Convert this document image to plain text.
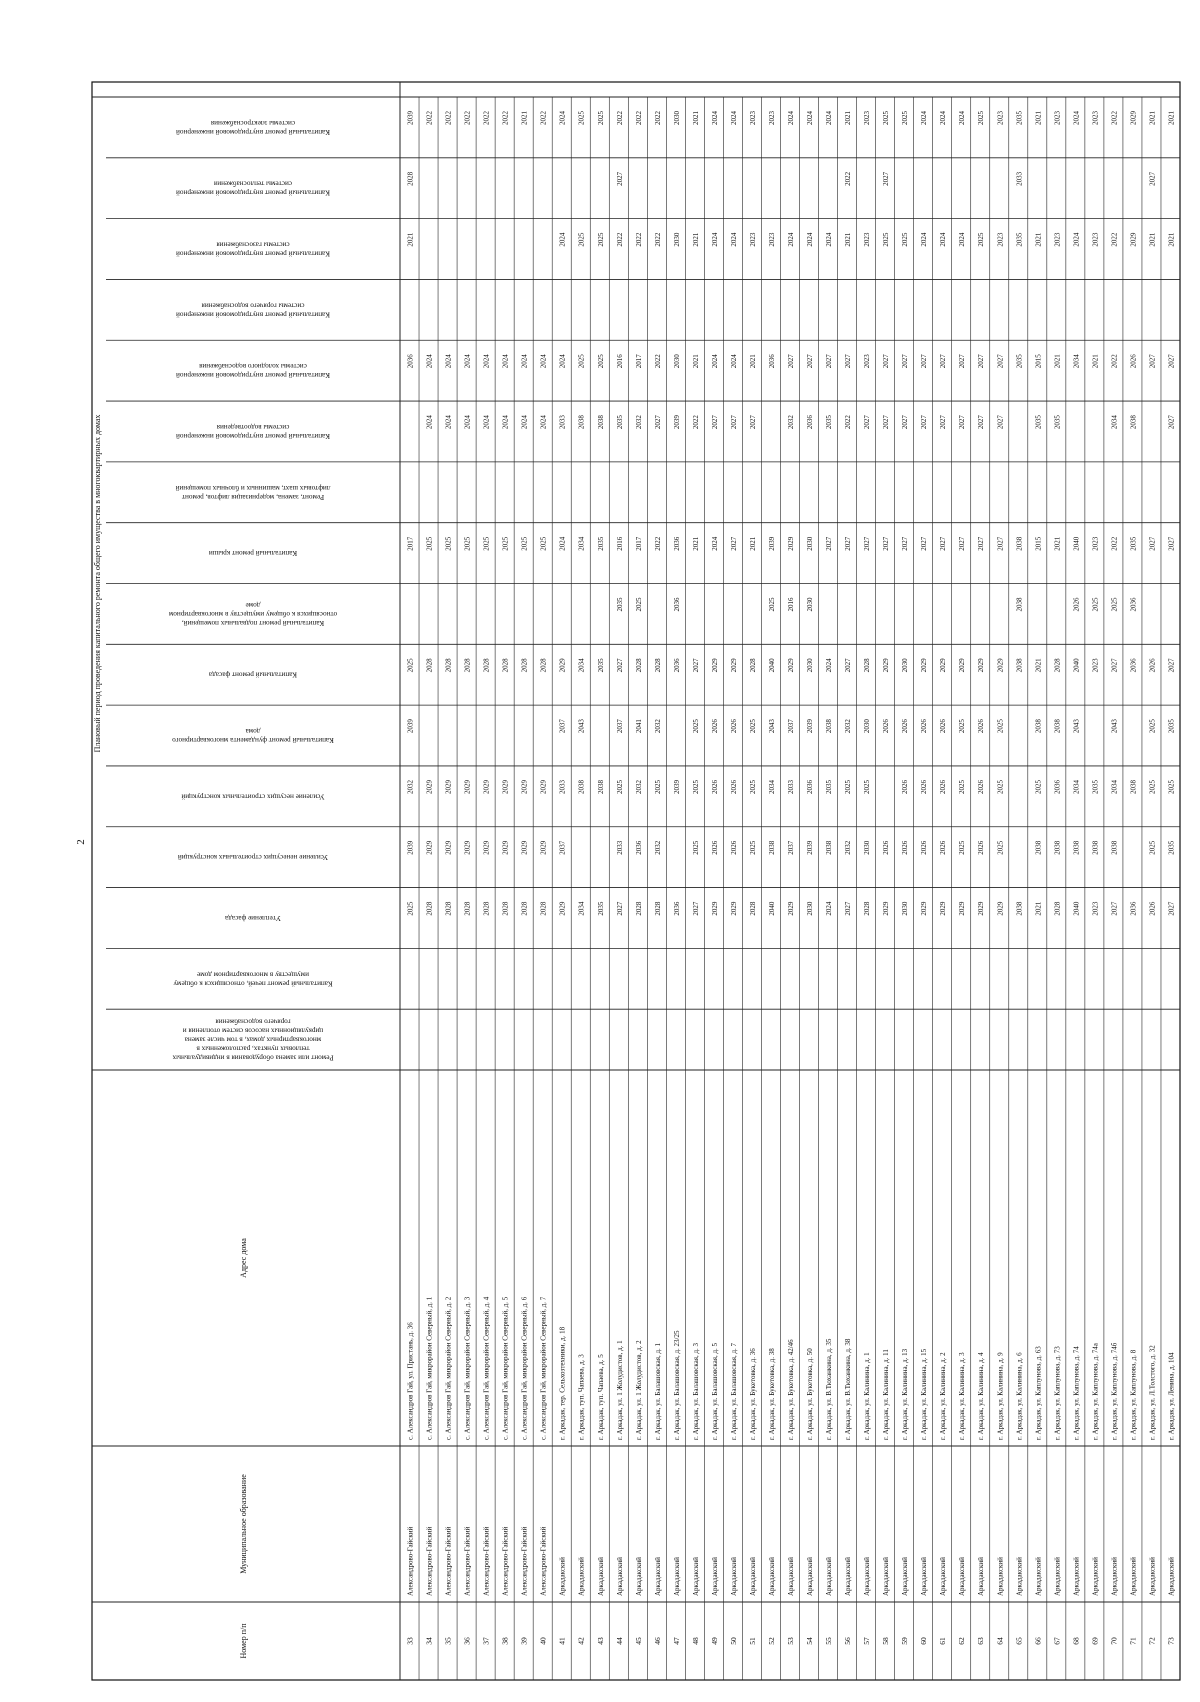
2
Плановый период проведения капитального ремонта общего имущества в многоквартирных домах
Капитальный ремонт внутридомовой инженернойсистемы электроснабжения
Капитальный ремонт внутридомовой инженернойсистемы теплоснабжения
Капитальный ремонт внутридомовой инженернойсистемы газоснабжения
Капитальный ремонт внутридомовой инженернойсистемы горячего водоснабжения
Капитальный ремонт внутридомовой инженернойсистемы холодного водоснабжения
Капитальный ремонт внутридомовой инженернойсистемы водоотведения
Ремонт, замена, модернизация лифтов, ремонтлифтовых шахт, машинных и блочных помещений
Капитальный ремонт крыши
Капитальный ремонт подвальных помещений,относящихся к общему имуществу в многоквартирномдоме
Капитальный ремонт фасада
Капитальный ремонт фундамента многоквартирногодома
Усиление несущих строительных конструкций
Усиление ненесущих строительных конструкций
Утепление фасада
Капитальный ремонт печей, относящихся к общемуимуществу в многоквартирном доме
Ремонт или замена оборудования в индивидуальныхтепловых пунктах, расположенных вмногоквартирных домах, в том числе заменациркуляционных насосов систем отопления игорячего водоснабжения
Номер п/п
Муниципальное образование
Адрес дома
33
Александрово-Гайский
с. Александров Гай, ул. Пристань, д. 36
2039
2028
2021
2036
2017
2025
2039
2032
2039
2025
34
Александрово-Гайский
с. Александров Гай, микрорайон Северный, д. 1
2022
2024
2024
2025
2028
2029
2029
2028
35
Александрово-Гайский
с. Александров Гай, микрорайон Северный, д. 2
2022
2024
2024
2025
2028
2029
2029
2028
36
Александрово-Гайский
с. Александров Гай, микрорайон Северный, д. 3
2022
2024
2024
2025
2028
2029
2029
2028
37
Александрово-Гайский
с. Александров Гай, микрорайон Северный, д. 4
2022
2024
2024
2025
2028
2029
2029
2028
38
Александрово-Гайский
с. Александров Гай, микрорайон Северный, д. 5
2022
2024
2024
2025
2028
2029
2029
2028
39
Александрово-Гайский
с. Александров Гай, микрорайон Северный, д. 6
2021
2024
2024
2025
2028
2029
2029
2028
40
Александрово-Гайский
с. Александров Гай, микрорайон Северный, д. 7
2022
2024
2024
2025
2028
2029
2029
2028
41
Аркадакский
г. Аркадак, тер. Сельхозтехники, д. 18
2024
2024
2024
2033
2024
2029
2037
2033
2037
2029
42
Аркадакский
г. Аркадак, туп. Чапаева, д. 3
2025
2025
2025
2038
2034
2034
2043
2038
2034
43
Аркадакский
г. Аркадак, туп. Чапаева, д. 5
2025
2025
2025
2038
2035
2035
2038
2035
44
Аркадакский
г. Аркадак, ул. 1 Жолудистов, д. 1
2022
2027
2022
2016
2035
2016
2035
2027
2037
2025
2033
2027
45
Аркадакский
г. Аркадак, ул. 1 Жолудистов, д. 2
2022
2022
2017
2032
2017
2025
2028
2041
2032
2036
2028
46
Аркадакский
г. Аркадак, ул. Балашовская, д. 1
2022
2022
2022
2027
2022
2028
2032
2025
2032
2028
47
Аркадакский
г. Аркадак, ул. Балашовская, д. 23/25
2030
2030
2030
2039
2036
2036
2036
2039
2036
48
Аркадакский
г. Аркадак, ул. Балашовская, д. 3
2021
2021
2021
2022
2021
2027
2025
2025
2025
2027
49
Аркадакский
г. Аркадак, ул. Балашовская, д. 5
2024
2024
2024
2027
2024
2029
2026
2026
2026
2029
50
Аркадакский
г. Аркадак, ул. Балашовская, д. 7
2024
2024
2024
2027
2027
2029
2026
2026
2026
2029
51
Аркадакский
г. Аркадак, ул. Букетовка, д. 36
2023
2023
2021
2027
2021
2028
2025
2025
2025
2028
52
Аркадакский
г. Аркадак, ул. Букетовка, д. 38
2023
2023
2036
2039
2025
2040
2043
2034
2038
2040
53
Аркадакский
г. Аркадак, ул. Букетовка, д. 42/46
2024
2024
2027
2032
2029
2016
2029
2037
2033
2037
2029
54
Аркадакский
г. Аркадак, ул. Букетовка, д. 50
2024
2024
2027
2036
2030
2030
2030
2039
2036
2039
2030
55
Аркадакский
г. Аркадак, ул. В.Тюханкина, д. 35
2024
2024
2027
2035
2027
2024
2038
2035
2038
2024
56
Аркадакский
г. Аркадак, ул. В.Тюханкина, д. 38
2021
2022
2021
2027
2022
2027
2027
2032
2025
2032
2027
57
Аркадакский
г. Аркадак, ул. Калинина, д. 1
2023
2023
2023
2027
2027
2028
2030
2025
2030
2028
58
Аркадакский
г. Аркадак, ул. Калинина, д. 11
2025
2027
2025
2027
2027
2027
2029
2026
2026
2029
59
Аркадакский
г. Аркадак, ул. Калинина, д. 13
2025
2025
2027
2027
2027
2030
2026
2026
2026
2030
60
Аркадакский
г. Аркадак, ул. Калинина, д. 15
2024
2024
2027
2027
2027
2029
2026
2026
2026
2029
61
Аркадакский
г. Аркадак, ул. Калинина, д. 2
2024
2024
2027
2027
2027
2029
2026
2026
2026
2029
62
Аркадакский
г. Аркадак, ул. Калинина, д. 3
2024
2024
2027
2027
2027
2029
2025
2025
2025
2029
63
Аркадакский
г. Аркадак, ул. Калинина, д. 4
2025
2025
2027
2027
2027
2029
2026
2026
2026
2029
64
Аркадакский
г. Аркадак, ул. Калинина, д. 9
2023
2023
2027
2027
2027
2029
2025
2025
2025
2029
65
Аркадакский
г. Аркадак, ул. Калинина, д. 6
2035
2033
2035
2035
2038
2038
2038
2038
66
Аркадакский
г. Аркадак, ул. Каплунова, д. 63
2021
2021
2015
2035
2015
2021
2038
2025
2038
2021
67
Аркадакский
г. Аркадак, ул. Каплунова, д. 73
2023
2023
2021
2035
2021
2028
2038
2036
2038
2028
68
Аркадакский
г. Аркадак, ул. Каплунова, д. 74
2024
2024
2034
2040
2026
2040
2043
2034
2038
2040
69
Аркадакский
г. Аркадак, ул. Каплунова, д. 74а
2023
2023
2021
2023
2025
2023
2035
2038
2023
70
Аркадакский
г. Аркадак, ул. Каплунова, д. 74б
2022
2022
2022
2034
2022
2025
2027
2043
2034
2038
2027
71
Аркадакский
г. Аркадак, ул. Каплунова, д. 8
2029
2029
2026
2038
2035
2036
2036
2038
2036
72
Аркадакский
г. Аркадак, ул. Л.Толстого, д. 32
2021
2027
2021
2027
2027
2026
2025
2025
2025
2026
73
Аркадакский
г. Аркадак, ул. Ленина, д. 104
2021
2021
2027
2027
2027
2027
2035
2025
2035
2027
